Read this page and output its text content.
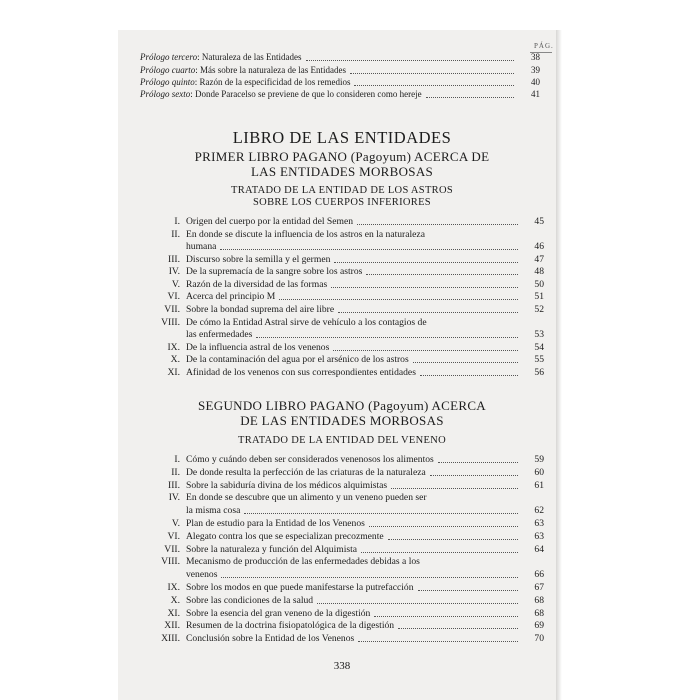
PÁG.
Prólogo tercero: Naturaleza de las Entidades	38
Prólogo cuarto: Más sobre la naturaleza de las Entidades	39
Prólogo quinto: Razón de la especificidad de los remedios	40
Prólogo sexto: Donde Paracelso se previene de que lo consideren como hereje	41
LIBRO DE LAS ENTIDADES
PRIMER LIBRO PAGANO (Pagoyum) ACERCA DE
LAS ENTIDADES MORBOSAS
TRATADO DE LA ENTIDAD DE LOS ASTROS
SOBRE LOS CUERPOS INFERIORES
I. Origen del cuerpo por la entidad del Semen	45
II. En donde se discute la influencia de los astros en la naturaleza
humana	46
III. Discurso sobre la semilla y el germen	47
IV. De la supremacía de la sangre sobre los astros	48
V. Razón de la diversidad de las formas	50
VI. Acerca del principio M	51
VII. Sobre la bondad suprema del aire libre	52
VIII. De cómo la Entidad Astral sirve de vehículo a los contagios de
las enfermedades	53
IX. De la influencia astral de los venenos	54
X. De la contaminación del agua por el arsénico de los astros	55
XI. Afinidad de los venenos con sus correspondientes entidades	56
SEGUNDO LIBRO PAGANO (Pagoyum) ACERCA
DE LAS ENTIDADES MORBOSAS
TRATADO DE LA ENTIDAD DEL VENENO
I. Cómo y cuándo deben ser considerados venenosos los alimentos	59
II. De donde resulta la perfección de las criaturas de la naturaleza	60
III. Sobre la sabiduría divina de los médicos alquimistas	61
IV. En donde se descubre que un alimento y un veneno pueden ser
la misma cosa	62
V. Plan de estudio para la Entidad de los Venenos	63
VI. Alegato contra los que se especializan precozmente	63
VII. Sobre la naturaleza y función del Alquimista	64
VIII. Mecanismo de producción de las enfermedades debidas a los
venenos	66
IX. Sobre los modos en que puede manifestarse la putrefacción	67
X. Sobre las condiciones de la salud	68
XI. Sobre la esencia del gran veneno de la digestión	68
XII. Resumen de la doctrina fisiopatológica de la digestión	69
XIII. Conclusión sobre la Entidad de los Venenos	70
338
